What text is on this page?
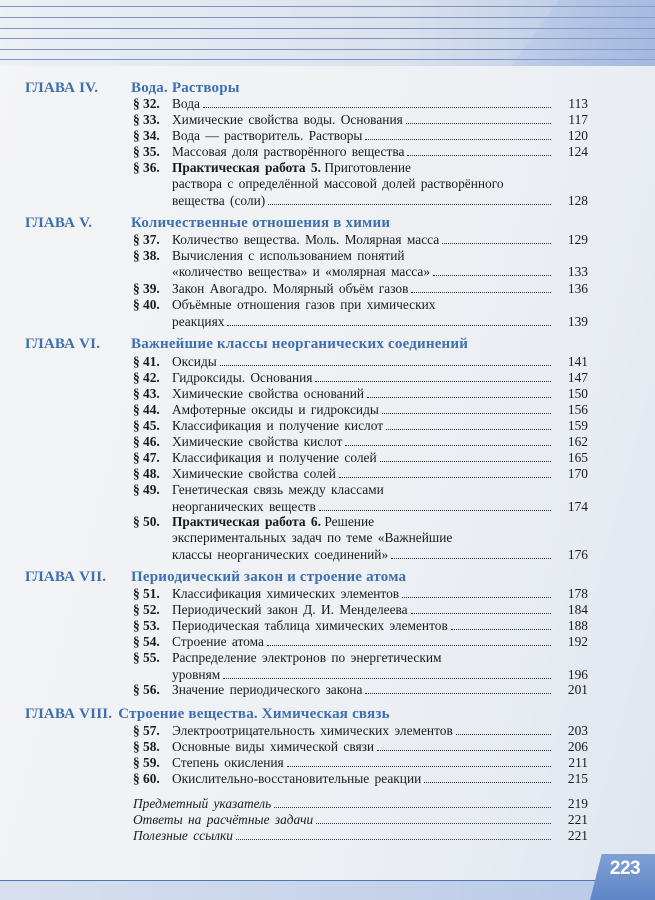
ГЛАВА IV. Вода. Растворы
§ 32. Вода	113
§ 33. Химические свойства воды. Основания	117
§ 34. Вода — растворитель. Растворы	120
§ 35. Массовая доля растворённого вещества	124
§ 36. Практическая работа 5.
Приготовление
раствора с определённой массовой долей растворённого
вещества (соли)	128
ГЛАВА V.	Количественные отношения в химии
§ 37. Количество вещества. Моль. Молярная масса	129
§ 38. Вычисления с использованием понятий
«количество вещества» и «молярная масса»	133
§ 39. Закон Авогадро. Молярный объём газов	136
§ 40. Объёмные отношения газов при химических
реакциях	139
ГЛАВА VI. Важнейшие классы неорганических соединений
§ 41. Оксиды	141
§ 42. Гидроксиды. Основания	147
§ 43. Химические свойства оснований	150
§ 44. Амфотерные оксиды и гидроксиды	156
§ 45. Классификация и получение кислот	159
§ 46. Химические свойства кислот	162
§ 47. Классификация и получение солей	165
§ 48. Химические свойства солей	170
§ 49. Генетическая связь между классами
неорганических веществ	174
§ 50. Практическая работа 6.
Решение
экспериментальных задач по теме «Важнейшие
классы неорганических соединений»	176
ГЛАВА VII. Периодический закон и строение атома
§ 51. Классификация химических элементов	178
§ 52. Периодический закон Д. И. Менделеева	184
§ 53. Периодическая таблица химических элементов	188
§ 54. Строение атома	192
§ 55. Распределение электронов по энергетическим
уровням	196
§ 56. Значение периодического закона	201
ГЛАВА VIII. Строение вещества. Химическая связь
§ 57. Электроотрицательность химических элементов	203
§ 58. Основные виды химической связи	206
§ 59. Степень окисления	211
§ 60. Окислительно-восстановительные реакции	215
Предметный указатель	219
Ответы на расчётные задачи	221
Полезные ссылки	221
223
